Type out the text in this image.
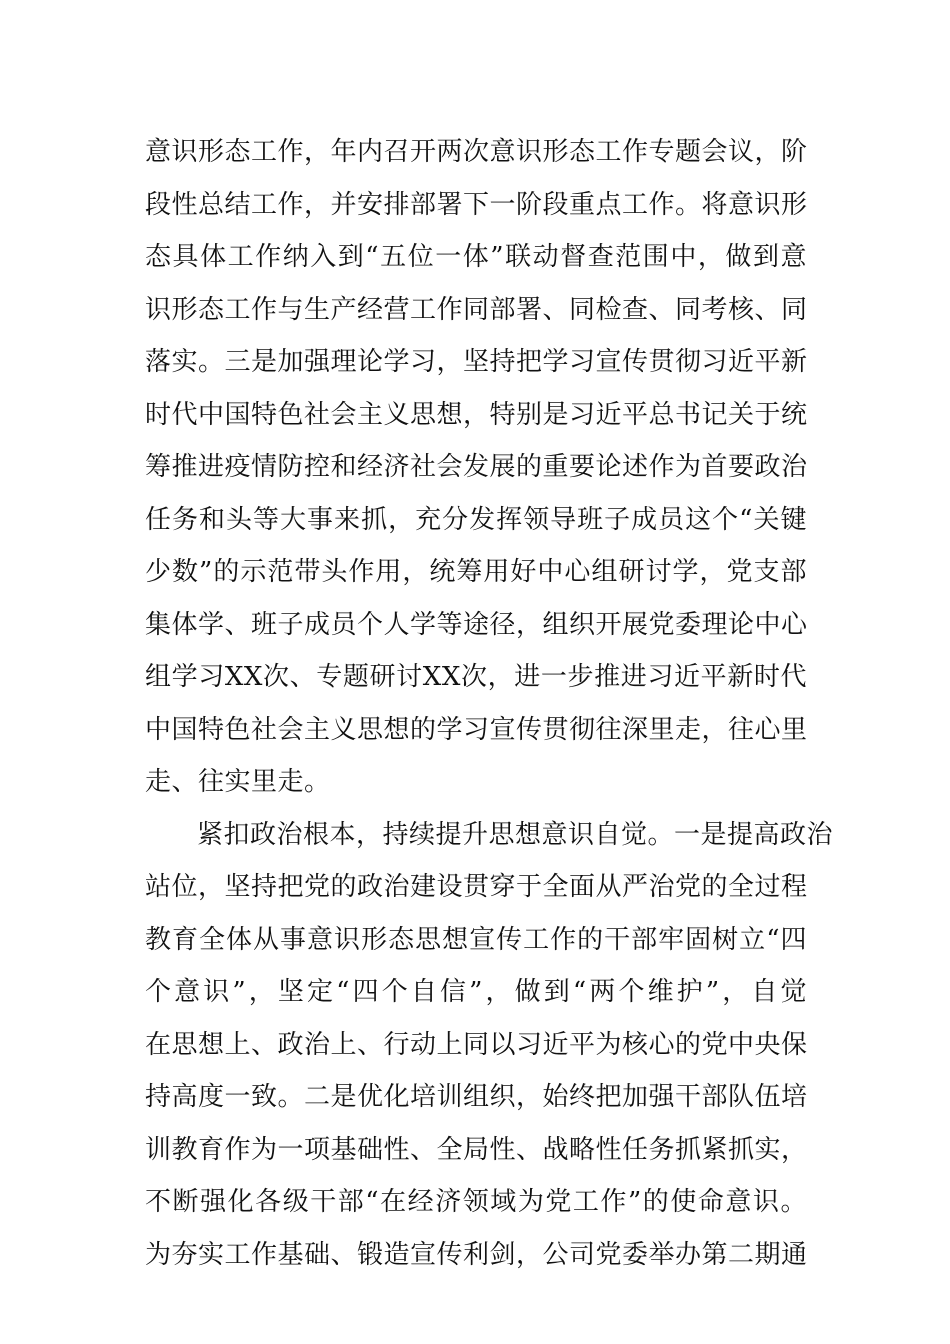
意识形态工作，年内召开两次意识形态工作专题会议，阶
段性总结工作，并安排部署下一阶段重点工作。将意识形
态具体工作纳入到“五位一体”联动督查范围中，做到意
识形态工作与生产经营工作同部署、同检查、同考核、同
落实。三是加强理论学习，坚持把学习宣传贯彻习近平新
时代中国特色社会主义思想，特别是习近平总书记关于统
筹推进疫情防控和经济社会发展的重要论述作为首要政治
任务和头等大事来抓，充分发挥领导班子成员这个“关键
少数”的示范带头作用，统筹用好中心组研讨学，党支部
集体学、班子成员个人学等途径，组织开展党委理论中心
组学习XX次、专题研讨XX次，进一步推进习近平新时代
中国特色社会主义思想的学习宣传贯彻往深里走，往心里
走、往实里走。
紧扣政治根本，持续提升思想意识自觉。一是提高政治
站位，坚持把党的政治建设贯穿于全面从严治党的全过程
教育全体从事意识形态思想宣传工作的干部牢固树立“四
个意识”，坚定“四个自信”，做到“两个维护”，自觉
在思想上、政治上、行动上同以习近平为核心的党中央保
持高度一致。二是优化培训组织，始终把加强干部队伍培
训教育作为一项基础性、全局性、战略性任务抓紧抓实，
不断强化各级干部“在经济领域为党工作”的使命意识。
为夯实工作基础、锻造宣传利剑，公司党委举办第二期通
